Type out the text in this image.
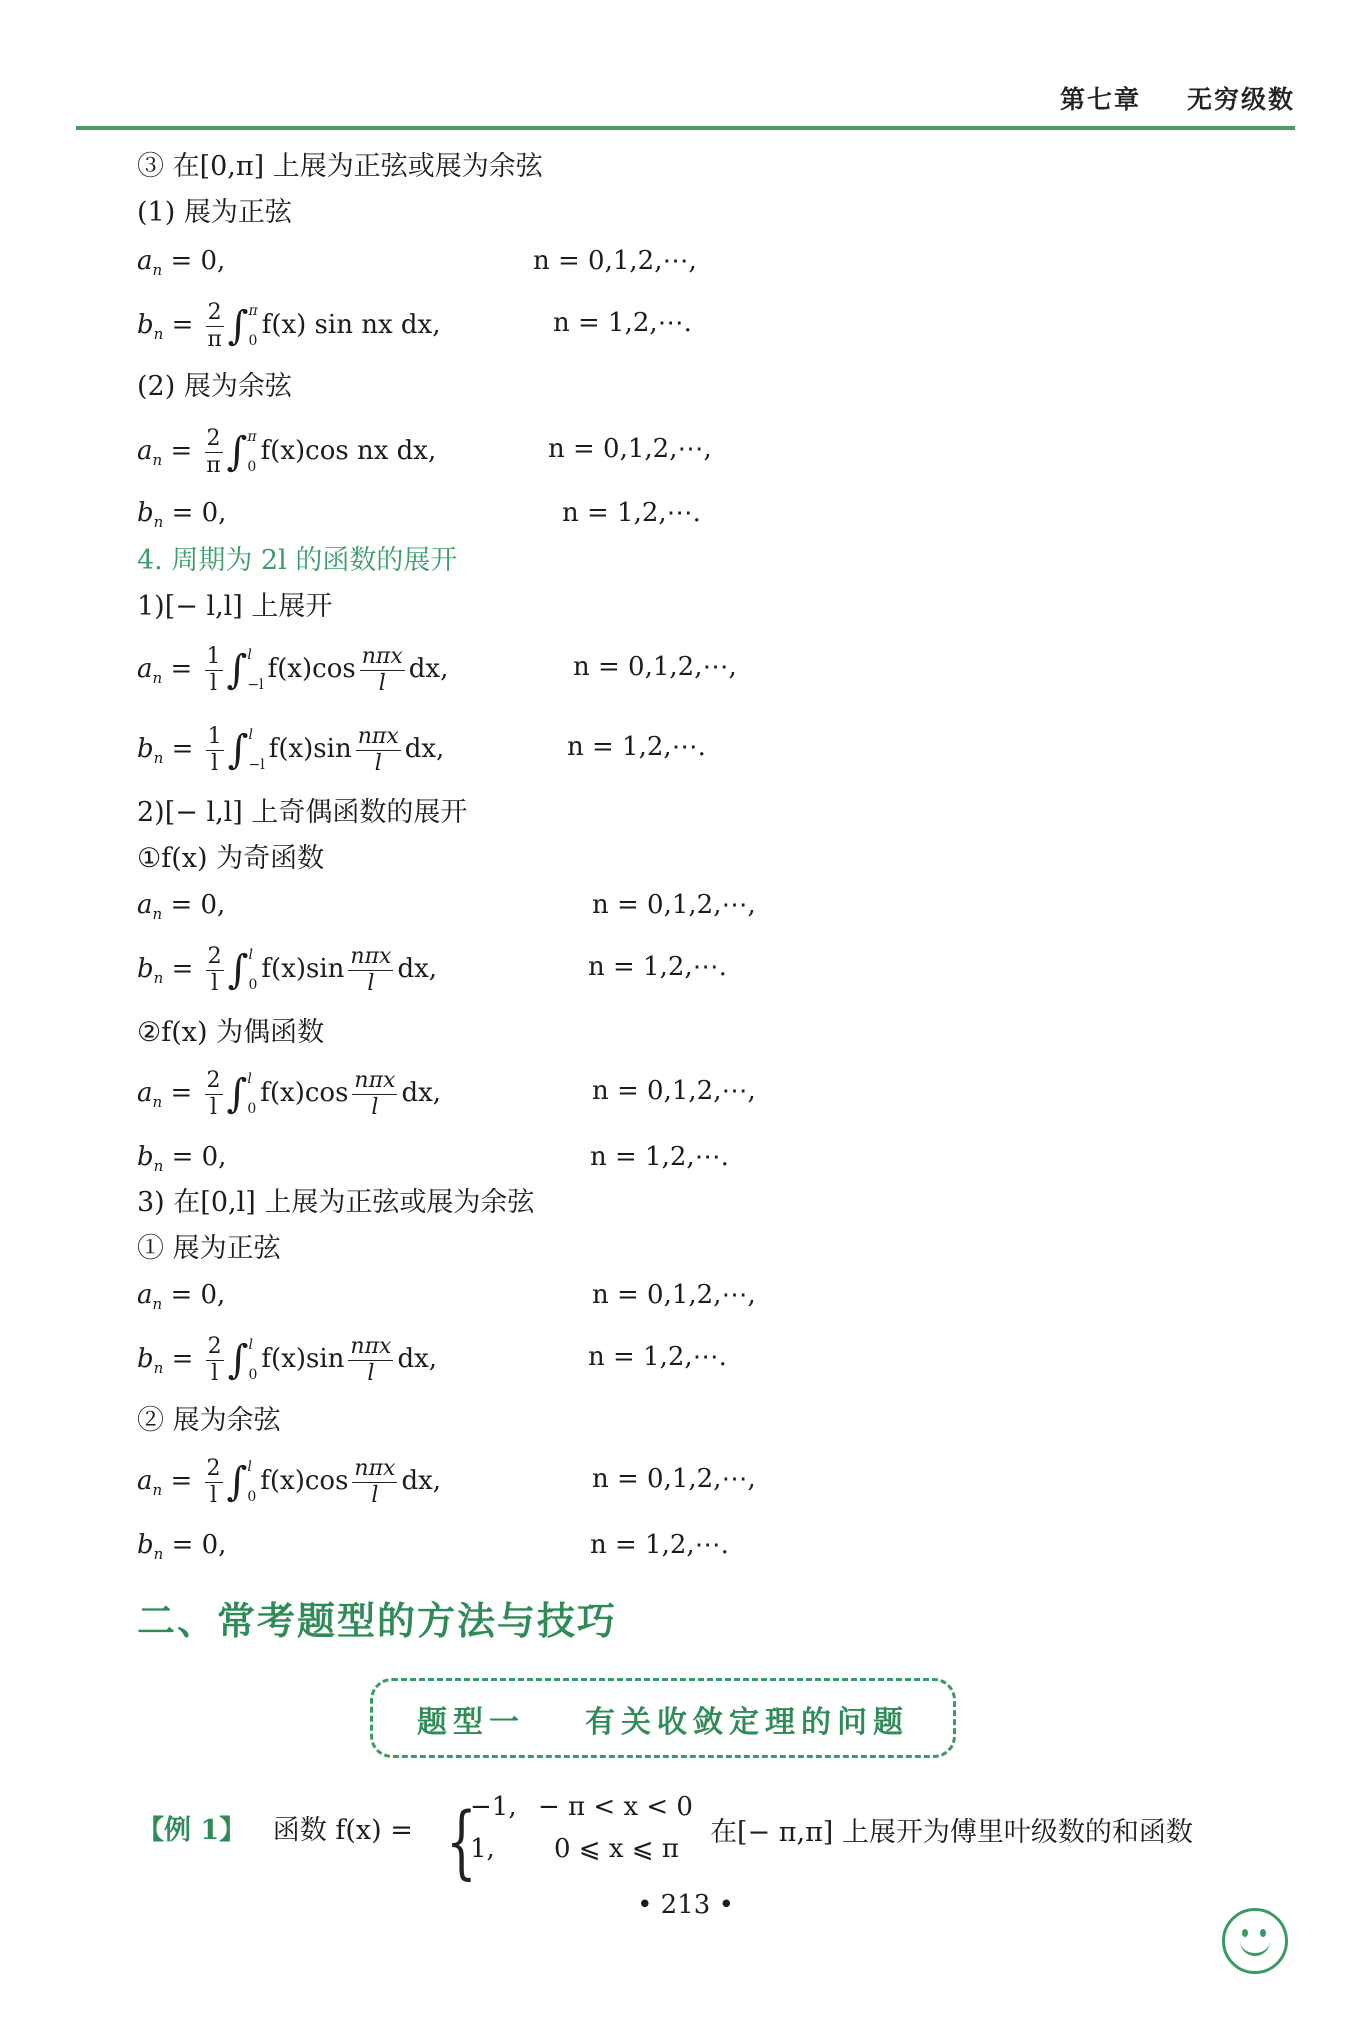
第七章 无穷级数
③ 在[0,π] 上展为正弦或展为余弦
(1) 展为正弦
$a_n = 0$,	n = 0,1,2,⋯,
$b_n = \frac{2}{\pi}$ ∫ π
0
f(x) sin nx dx,	n = 1,2,⋯.
(2) 展为余弦
$a_n = \frac{2}{\pi}$ ∫ π
0
f(x)cos nx dx,	n = 0,1,2,⋯,
$b_n = 0$,	n = 1,2,⋯.
4. 周期为 2l 的函数的展开
1)[− l,l] 上展开
$a_n = \frac{1}{l}$ ∫ l
−l
$f(x)\cos \frac{\text{nπx}}{l}$ dx,	n = 0,1,2,⋯,
$b_n = \frac{1}{l}$ ∫ l
−l
$f(x)\sin \frac{\text{nπx}}{l}$ dx,	n = 1,2,⋯.
2)[− l,l] 上奇偶函数的展开
①f(x) 为奇函数
$a_n = 0$,	n = 0,1,2,⋯,
$b_n = \frac{2}{l}$ ∫ l
0
$f(x)\sin \frac{\text{nπx}}{l}$ dx,	n = 1,2,⋯.
②f(x) 为偶函数
$a_n = \frac{2}{l}$ ∫ l
0
$f(x)\cos \frac{\text{nπx}}{l}$ dx,	n = 0,1,2,⋯,
$b_n = 0$,	n = 1,2,⋯.
3) 在[0,l] 上展为正弦或展为余弦
① 展为正弦
$a_n = 0$,	n = 0,1,2,⋯,
$b_n = \frac{2}{l}$ ∫ l
0
$f(x)\sin \frac{\text{nπx}}{l}$ dx,	n = 1,2,⋯.
② 展为余弦
$a_n = \frac{2}{l}$ ∫ l
0
$f(x)\cos \frac{\text{nπx}}{l}$ dx,	n = 0,1,2,⋯,
$b_n = 0$,	n = 1,2,⋯.
二、常考题型的方法与技巧
题型一 有关收敛定理的问题
【例 1】 函数 f(x) = {
−1, − π < x < 0
1, 0 ⩽ x ⩽ π
在[− π,π] 上展开为傅里叶级数的和函数
• 213 •
